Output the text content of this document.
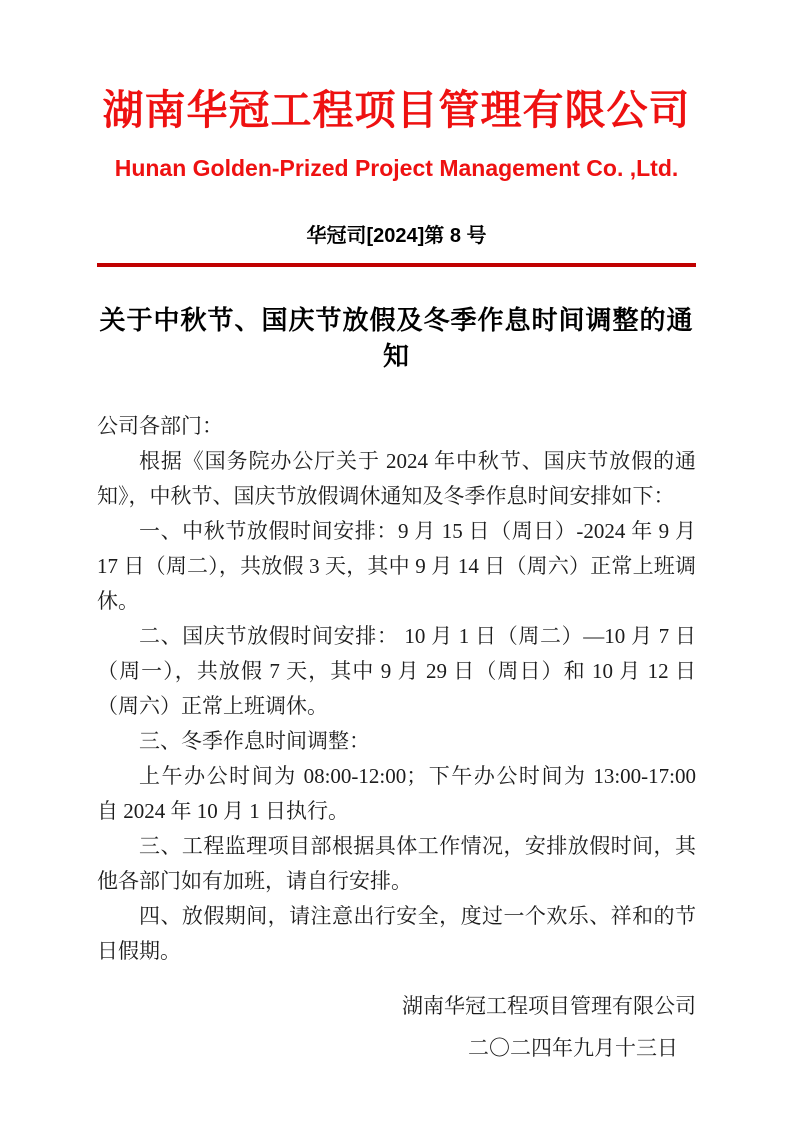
湖南华冠工程项目管理有限公司
Hunan Golden-Prized Project Management Co. ,Ltd.
华冠司[2024]第 8 号
关于中秋节、国庆节放假及冬季作息时间调整的通知

公司各部门：

根据《国务院办公厅关于 2024 年中秋节、国庆节放假的通知》，中秋节、国庆节放假调休通知及冬季作息时间安排如下：

一、中秋节放假时间安排：9 月 15 日（周日）-2024 年 9 月 17 日（周二），共放假 3 天，其中 9 月 14 日（周六）正常上班调休。

二、国庆节放假时间安排： 10 月 1 日（周二）—10 月 7 日（周一），共放假 7 天，其中 9 月 29 日（周日）和 10 月 12 日（周六）正常上班调休。

三、冬季作息时间调整：

上午办公时间为 08:00-12:00；下午办公时间为 13:00-17:00 自 2024 年 10 月 1 日执行。

三、工程监理项目部根据具体工作情况，安排放假时间，其他各部门如有加班，请自行安排。

四、放假期间，请注意出行安全，度过一个欢乐、祥和的节日假期。

湖南华冠工程项目管理有限公司
二〇二四年九月十三日
